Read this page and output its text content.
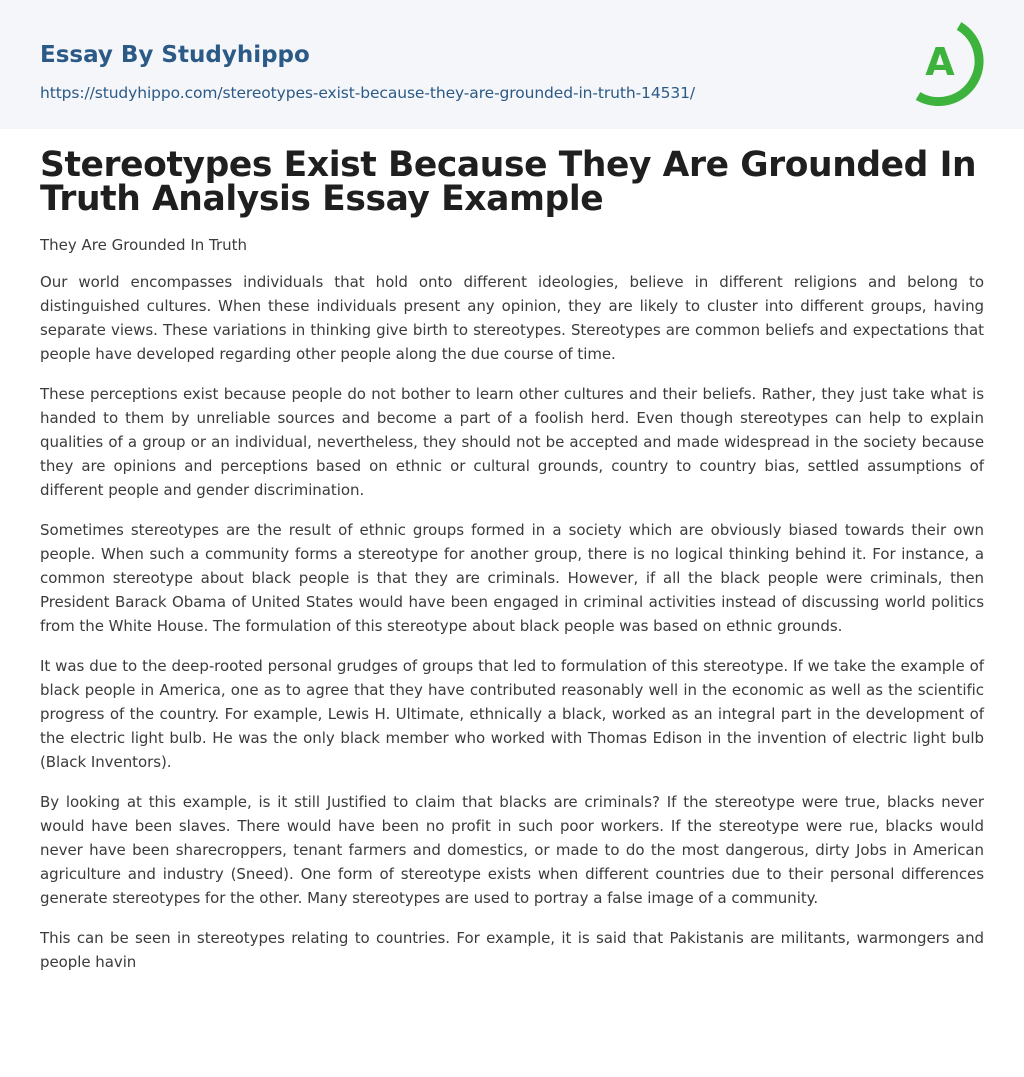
Essay By Studyhippo
https://studyhippo.com/stereotypes-exist-because-they-are-grounded-in-truth-14531/
A
Stereotypes Exist Because They Are Grounded In Truth Analysis Essay Example
They Are Grounded In Truth

Our world encompasses individuals that hold onto different ideologies, believe in different religions and belong to distinguished cultures. When these individuals present any opinion, they are likely to cluster into different groups, having separate views. These variations in thinking give birth to stereotypes. Stereotypes are common beliefs and expectations that people have developed regarding other people along the due course of time.

These perceptions exist because people do not bother to learn other cultures and their beliefs. Rather, they just take what is handed to them by unreliable sources and become a part of a foolish herd. Even though stereotypes can help to explain qualities of a group or an individual, nevertheless, they should not be accepted and made widespread in the society because they are opinions and perceptions based on ethnic or cultural grounds, country to country bias, settled assumptions of different people and gender discrimination.

Sometimes stereotypes are the result of ethnic groups formed in a society which are obviously biased towards their own people. When such a community forms a stereotype for another group, there is no logical thinking behind it. For instance, a common stereotype about black people is that they are criminals. However, if all the black people were criminals, then President Barack Obama of United States would have been engaged in criminal activities instead of discussing world politics from the White House. The formulation of this stereotype about black people was based on ethnic grounds.

It was due to the deep-rooted personal grudges of groups that led to formulation of this stereotype. If we take the example of black people in America, one as to agree that they have contributed reasonably well in the economic as well as the scientific progress of the country. For example, Lewis H. Ultimate, ethnically a black, worked as an integral part in the development of the electric light bulb. He was the only black member who worked with Thomas Edison in the invention of electric light bulb (Black Inventors).

By looking at this example, is it still Justified to claim that blacks are criminals? If the stereotype were true, blacks never would have been slaves. There would have been no profit in such poor workers. If the stereotype were rue, blacks would never have been sharecroppers, tenant farmers and domestics, or made to do the most dangerous, dirty Jobs in American agriculture and industry (Sneed). One form of stereotype exists when different countries due to their personal differences generate stereotypes for the other. Many stereotypes are used to portray a false image of a community.

This can be seen in stereotypes relating to countries. For example, it is said that Pakistanis are militants, warmongers and people havin
